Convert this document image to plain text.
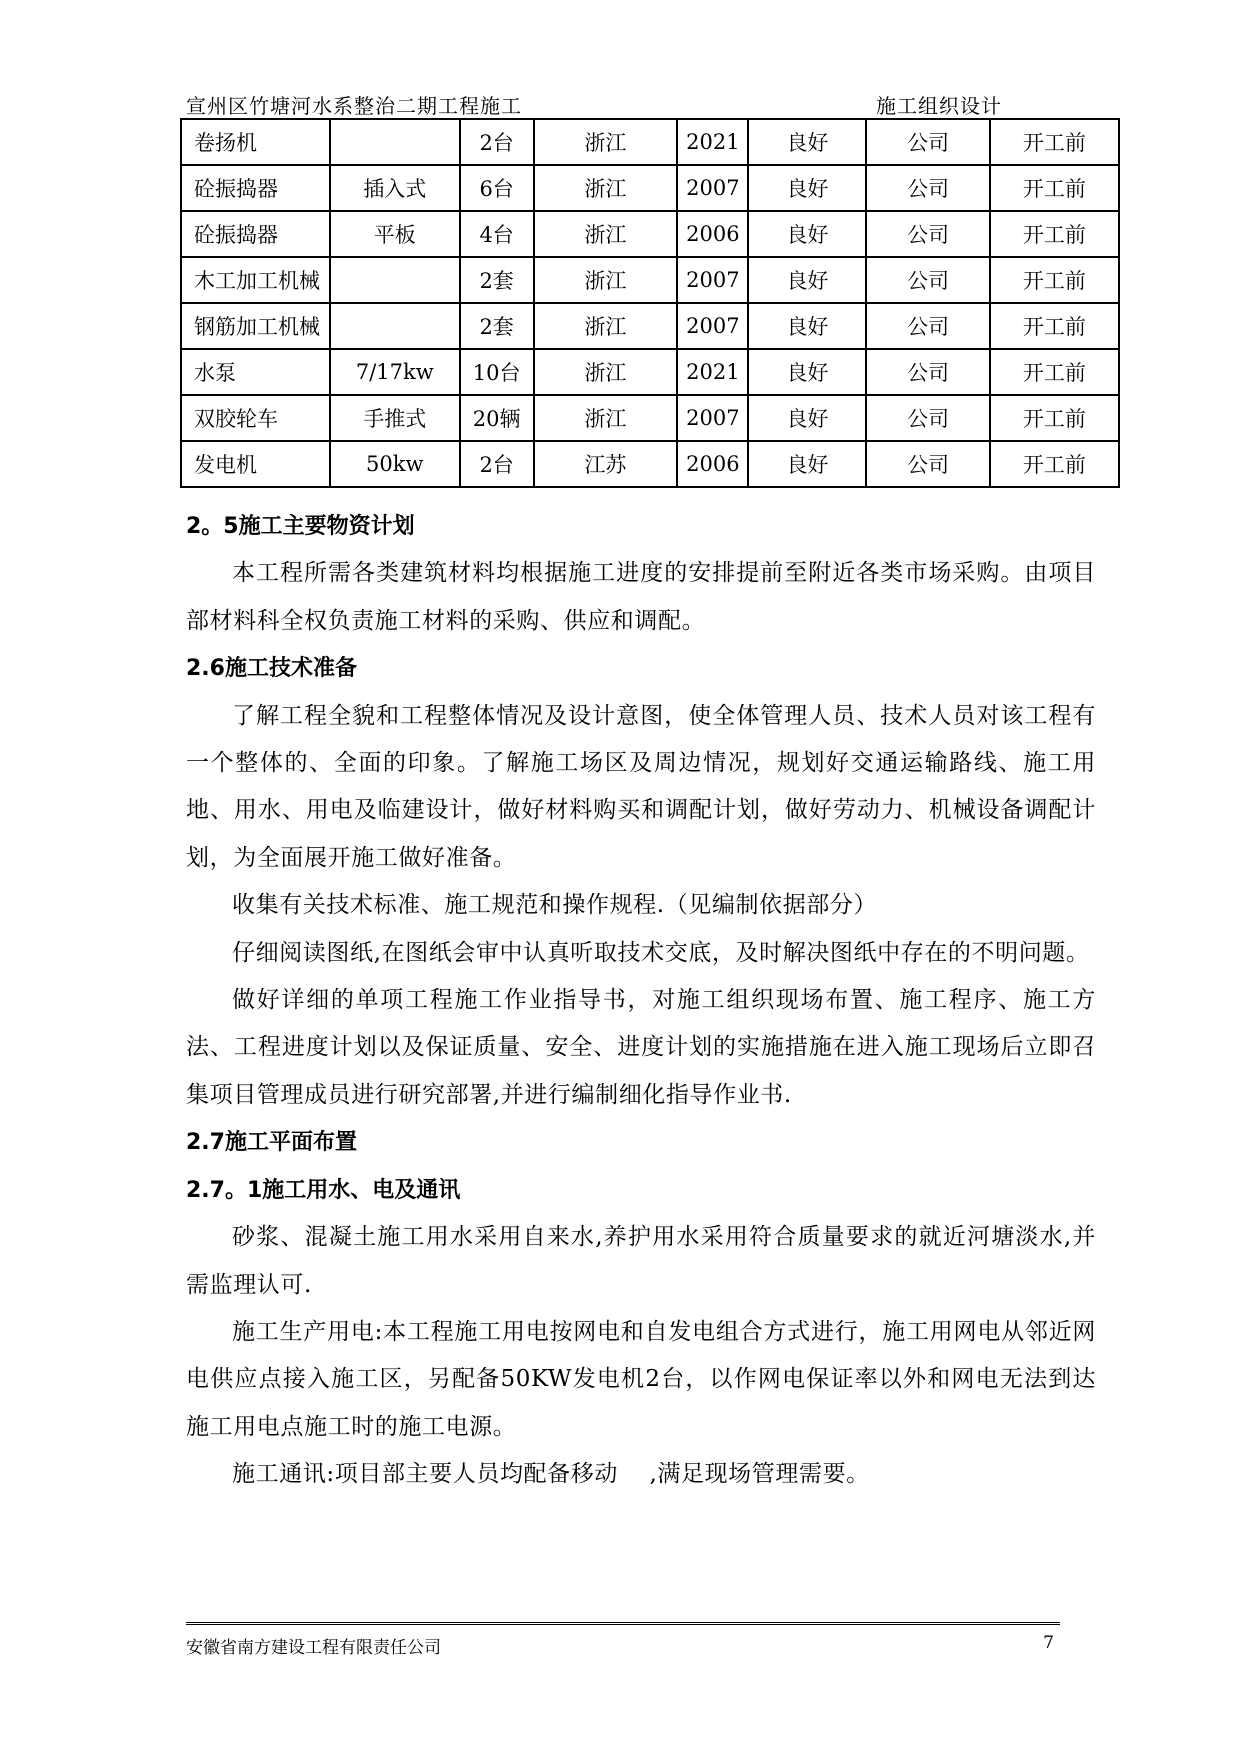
宣州区竹塘河水系整治二期工程施工	施工组织设计
卷扬机		2台	浙江	2021	良好	公司	开工前
砼振捣器	插入式	6台	浙江	2007	良好	公司	开工前
砼振捣器	平板	4台	浙江	2006	良好	公司	开工前
木工加工机械		2套	浙江	2007	良好	公司	开工前
钢筋加工机械		2套	浙江	2007	良好	公司	开工前
水泵	7/17kw	10台	浙江	2021	良好	公司	开工前
双胶轮车	手推式	20辆	浙江	2007	良好	公司	开工前
发电机	50kw	2台	江苏	2006	良好	公司	开工前
2。5施工主要物资计划

本工程所需各类建筑材料均根据施工进度的安排提前至附近各类市场采购。由项目部材料科全权负责施工材料的采购、供应和调配。

2.6施工技术准备

了解工程全貌和工程整体情况及设计意图，使全体管理人员、技术人员对该工程有一个整体的、全面的印象。了解施工场区及周边情况，规划好交通运输路线、施工用地、用水、用电及临建设计，做好材料购买和调配计划，做好劳动力、机械设备调配计划，为全面展开施工做好准备。

收集有关技术标准、施工规范和操作规程.（见编制依据部分）

仔细阅读图纸,在图纸会审中认真听取技术交底，及时解决图纸中存在的不明问题。

做好详细的单项工程施工作业指导书，对施工组织现场布置、施工程序、施工方法、工程进度计划以及保证质量、安全、进度计划的实施措施在进入施工现场后立即召集项目管理成员进行研究部署,并进行编制细化指导作业书.

2.7施工平面布置
2.7。1施工用水、电及通讯

砂浆、混凝土施工用水采用自来水,养护用水采用符合质量要求的就近河塘淡水,并需监理认可.

施工生产用电:本工程施工用电按网电和自发电组合方式进行，施工用网电从邻近网电供应点接入施工区，另配备50KW发电机2台，以作网电保证率以外和网电无法到达施工用电点施工时的施工电源。

施工通讯:项目部主要人员均配备移动　 ,满足现场管理需要。

安徽省南方建设工程有限责任公司	7
